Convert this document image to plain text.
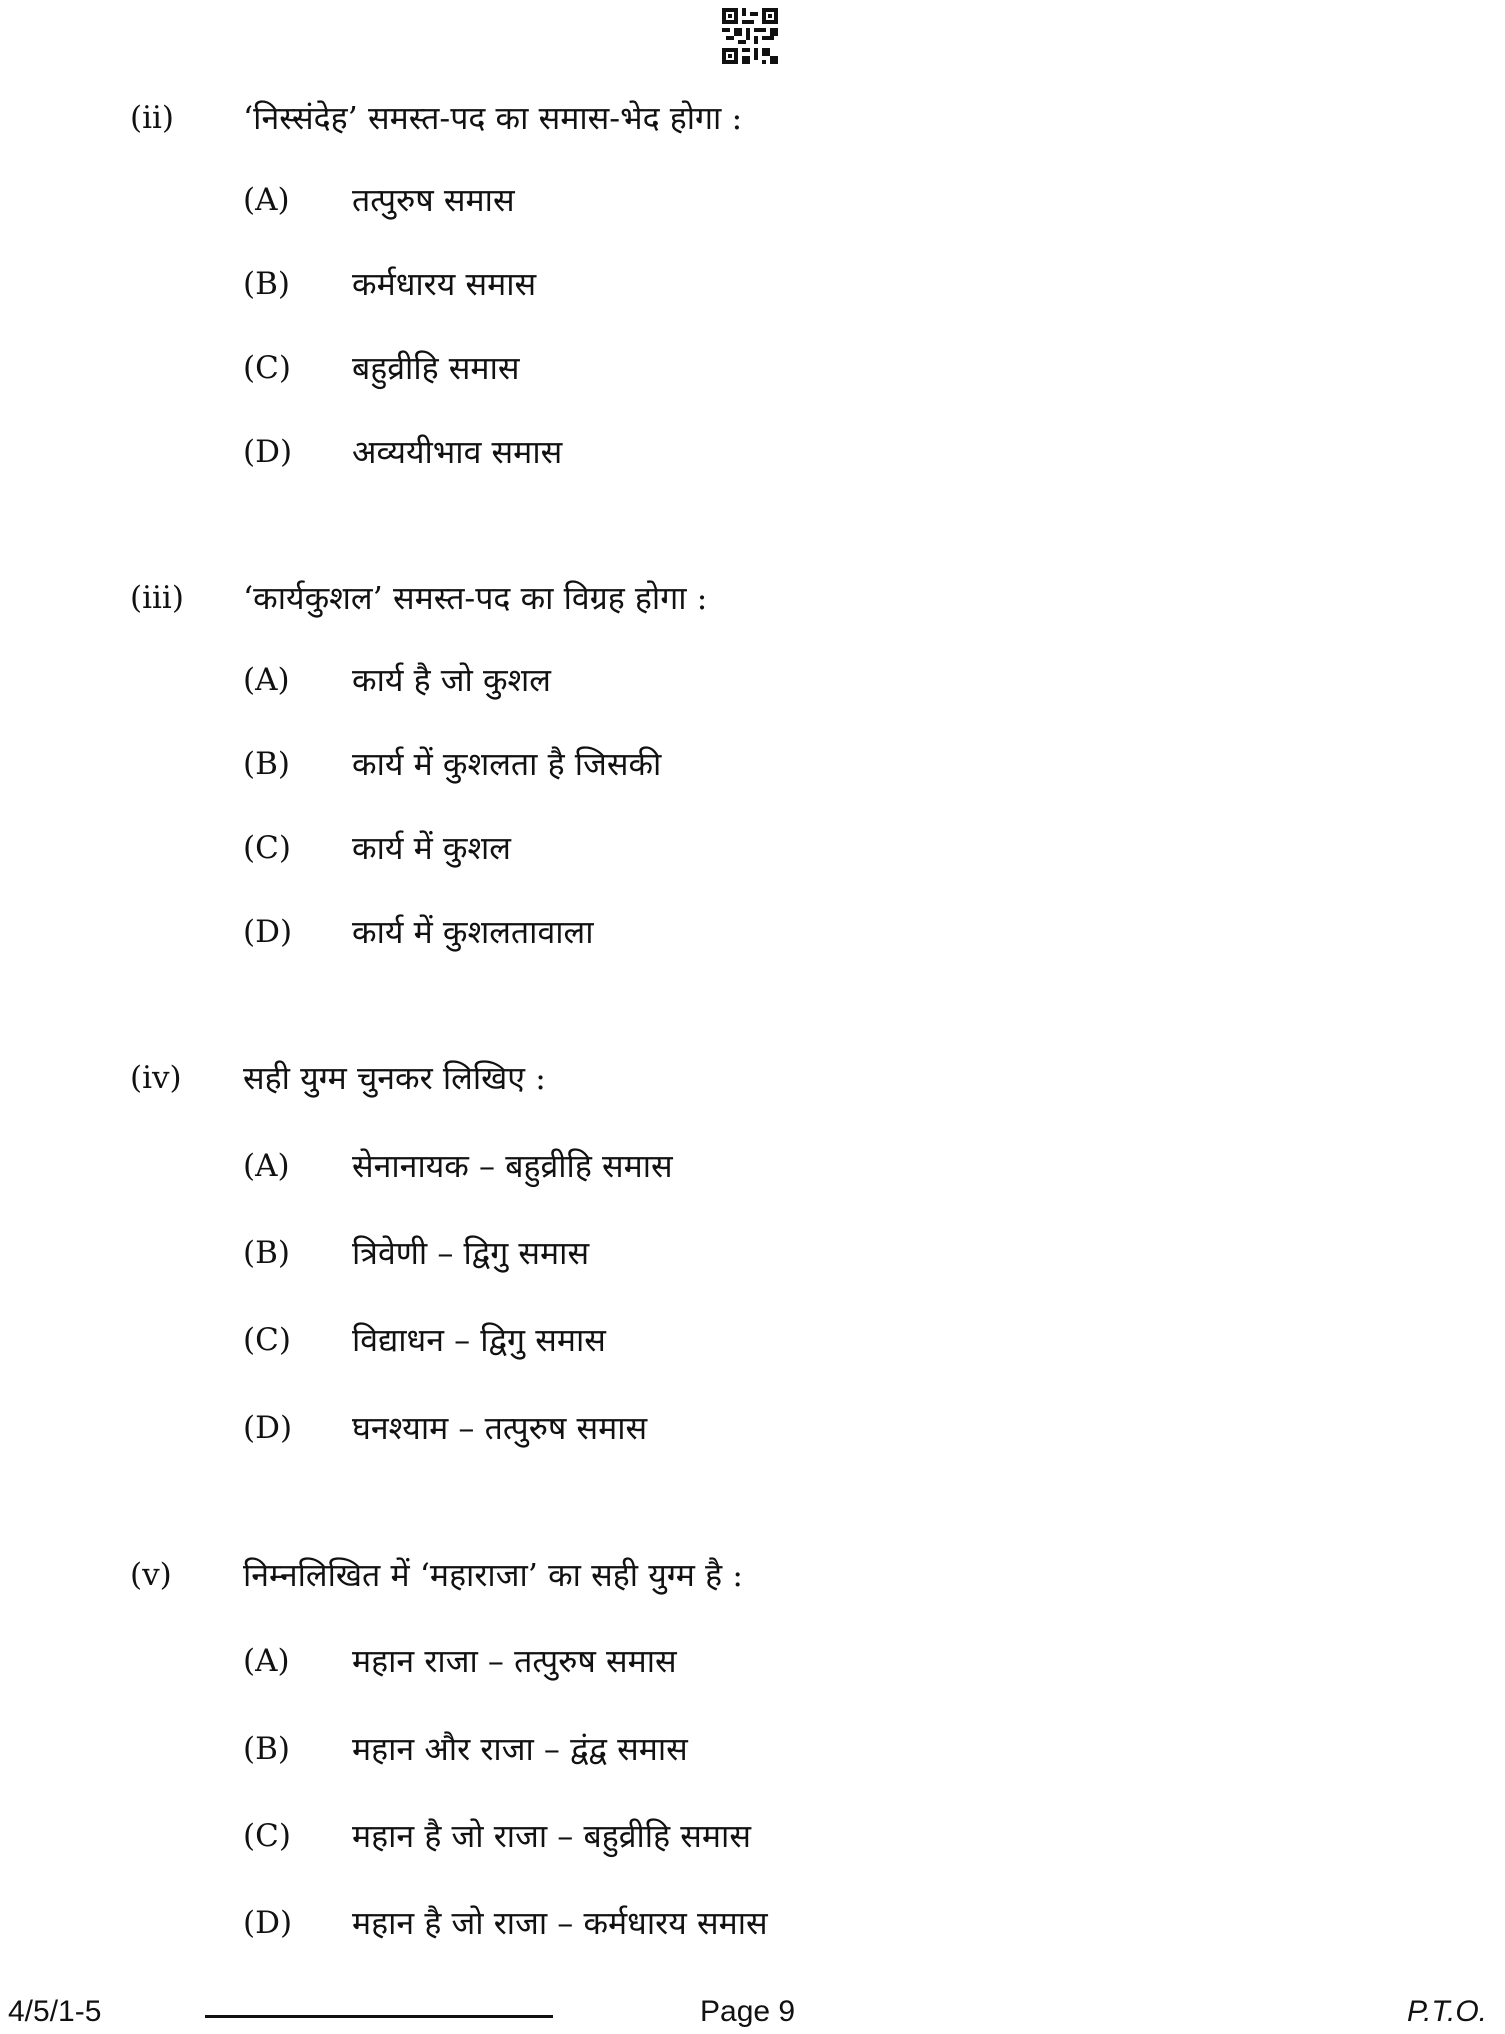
(ii) ‘निस्संदेह’ समस्त-पद का समास-भेद होगा :
(A) तत्पुरुष समास
(B) कर्मधारय समास
(C) बहुव्रीहि समास
(D) अव्ययीभाव समास
(iii) ‘कार्यकुशल’ समस्त-पद का विग्रह होगा :
(A) कार्य है जो कुशल
(B) कार्य में कुशलता है जिसकी
(C) कार्य में कुशल
(D) कार्य में कुशलतावाला
(iv) सही युग्म चुनकर लिखिए :
(A) सेनानायक – बहुव्रीहि समास
(B) त्रिवेणी – द्विगु समास
(C) विद्याधन – द्विगु समास
(D) घनश्याम – तत्पुरुष समास
(v) निम्नलिखित में ‘महाराजा’ का सही युग्म है :
(A) महान राजा – तत्पुरुष समास
(B) महान और राजा – द्वंद्व समास
(C) महान है जो राजा – बहुव्रीहि समास
(D) महान है जो राजा – कर्मधारय समास
4/5/1-5	Page 9	P.T.O.
